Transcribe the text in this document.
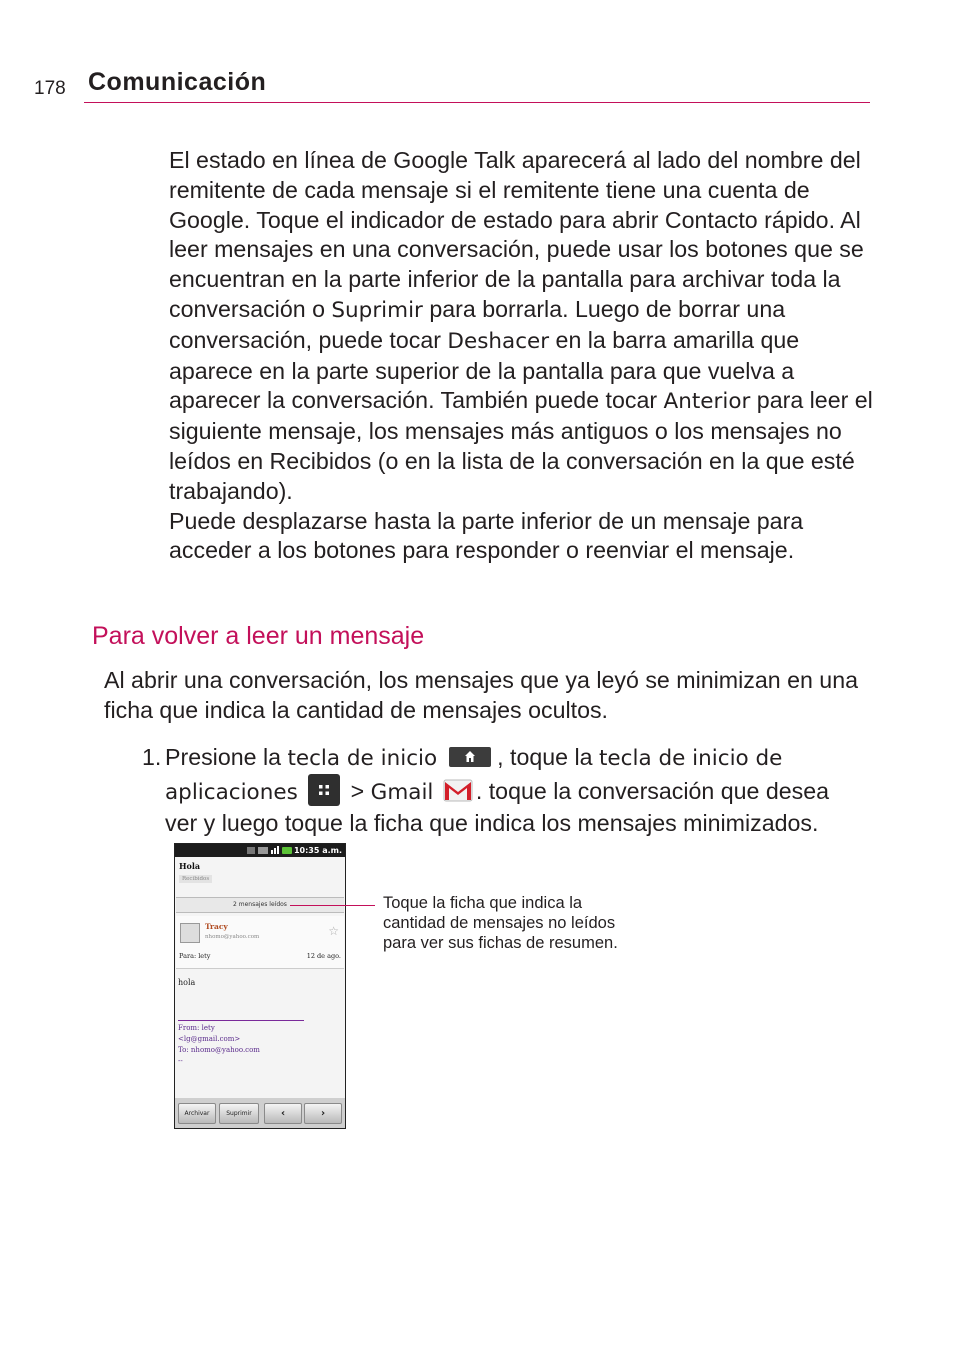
178 Comunicación

El estado en línea de Google Talk aparecerá al lado del nombre del remitente de cada mensaje si el remitente tiene una cuenta de Google. Toque el indicador de estado para abrir Contacto rápido. Al leer mensajes en una conversación, puede usar los botones que se encuentran en la parte inferior de la pantalla para archivar toda la conversación o Suprimir para borrarla. Luego de borrar una conversación, puede tocar Deshacer en la barra amarilla que aparece en la parte superior de la pantalla para que vuelva a aparecer la conversación. También puede tocar Anterior para leer el siguiente mensaje, los mensajes más antiguos o los mensajes no leídos en Recibidos (o en la lista de la conversación en la que esté trabajando).

Puede desplazarse hasta la parte inferior de un mensaje para acceder a los botones para responder o reenviar el mensaje.

Para volver a leer un mensaje

Al abrir una conversación, los mensajes que ya leyó se minimizan en una ficha que indica la cantidad de mensajes ocultos.

1. Presione la tecla de inicio	, toque la tecla de inicio de
aplicaciones
> Gmail . toque la conversación que desea
ver y luego toque la ficha que indica los mensajes minimizados.
10:35 a.m.
Hola
Recibidos
2 mensajes leídos
Tracy
nhomo@yahoo.com	☆
Para: lety	12 de ago.
hola
From: lety
<lg@gmail.com>
To: nhomo@yahoo.com
--
Archivar	Suprimir	‹	›
Toque la ficha que indica la cantidad de mensajes no leídos para ver sus fichas de resumen.
